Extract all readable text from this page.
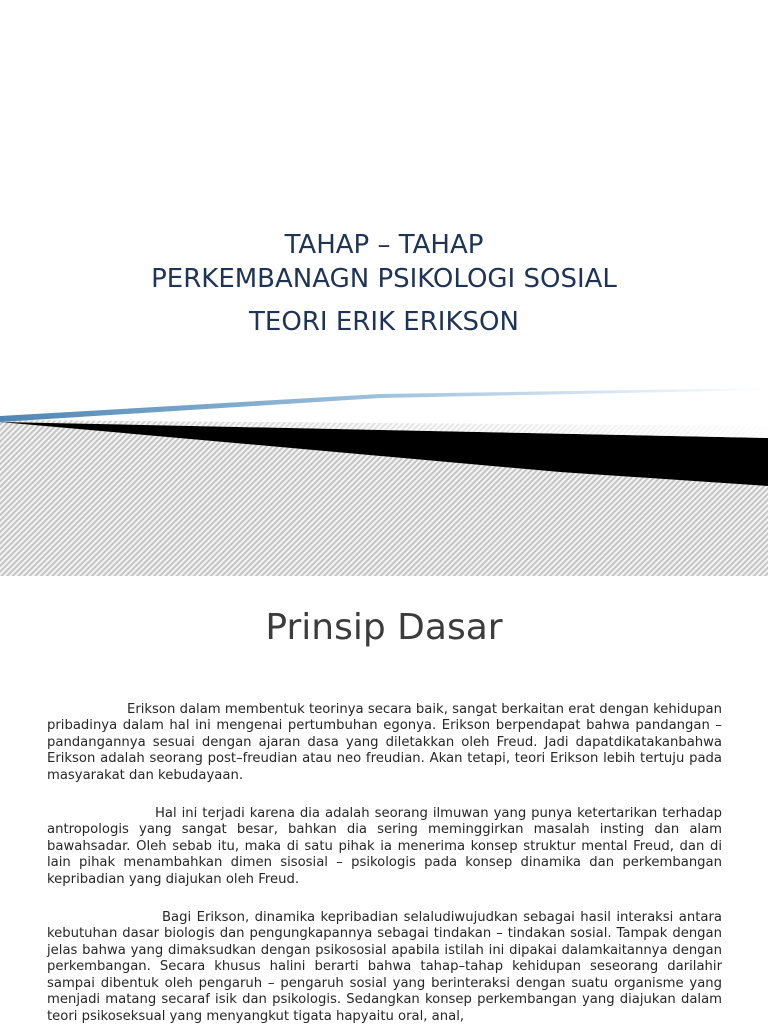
TAHAP – TAHAP
PERKEMBANAGN PSIKOLOGI SOSIAL

TEORI ERIK ERIKSON
Prinsip Dasar

Erikson dalam membentuk teorinya secara baik, sangat berkaitan erat dengan kehidupan pribadinya dalam hal ini mengenai pertumbuhan egonya. Erikson berpendapat bahwa pandangan – pandangannya sesuai dengan ajaran dasa yang diletakkan oleh Freud. Jadi dapatdikatakanbahwa Erikson adalah seorang post–freudian atau neo freudian. Akan tetapi, teori Erikson lebih tertuju pada masyarakat dan kebudayaan.

Hal ini terjadi karena dia adalah seorang ilmuwan yang punya ketertarikan terhadap antropologis yang sangat besar, bahkan dia sering meminggirkan masalah insting dan alam bawahsadar. Oleh sebab itu, maka di satu pihak ia menerima konsep struktur mental Freud, dan di lain pihak menambahkan dimen sisosial – psikologis pada konsep dinamika dan perkembangan kepribadian yang diajukan oleh Freud.

Bagi Erikson, dinamika kepribadian selaludiwujudkan sebagai hasil interaksi antara kebutuhan dasar biologis dan pengungkapannya sebagai tindakan – tindakan sosial. Tampak dengan jelas bahwa yang dimaksudkan dengan psikososial apabila istilah ini dipakai dalamkaitannya dengan perkembangan. Secara khusus halini berarti bahwa tahap–tahap kehidupan seseorang darilahir sampai dibentuk oleh pengaruh – pengaruh sosial yang berinteraksi dengan suatu organisme yang menjadi matang secaraf isik dan psikologis. Sedangkan konsep perkembangan yang diajukan dalam teori psikoseksual yang menyangkut tigata hapyaitu oral, anal,
